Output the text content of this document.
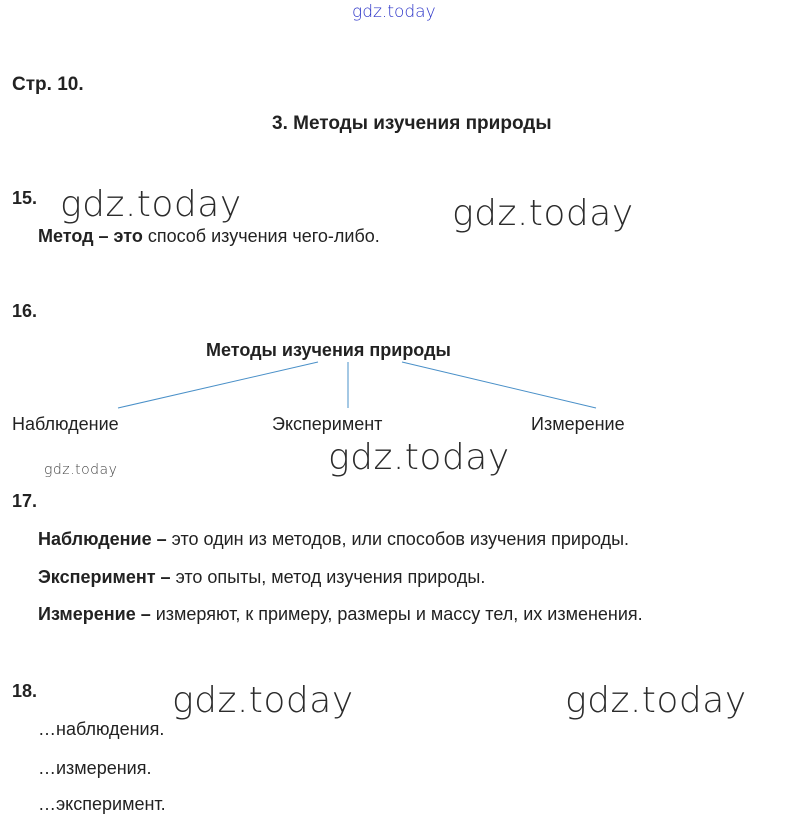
gdz.today
Стр. 10.
3. Методы изучения природы
15. gdz.today	gdz.today
Метод – это способ изучения чего-либо.
16.
Методы изучения природы
Наблюдение	Эксперимент	Измерение
gdz.today	gdz.today
17.
Наблюдение – это один из методов, или способов изучения природы.
Эксперимент – это опыты, метод изучения природы.
Измерение – измеряют, к примеру, размеры и массу тел, их изменения.
18.	gdz.today	gdz.today
…наблюдения.
…измерения.
…эксперимент.
